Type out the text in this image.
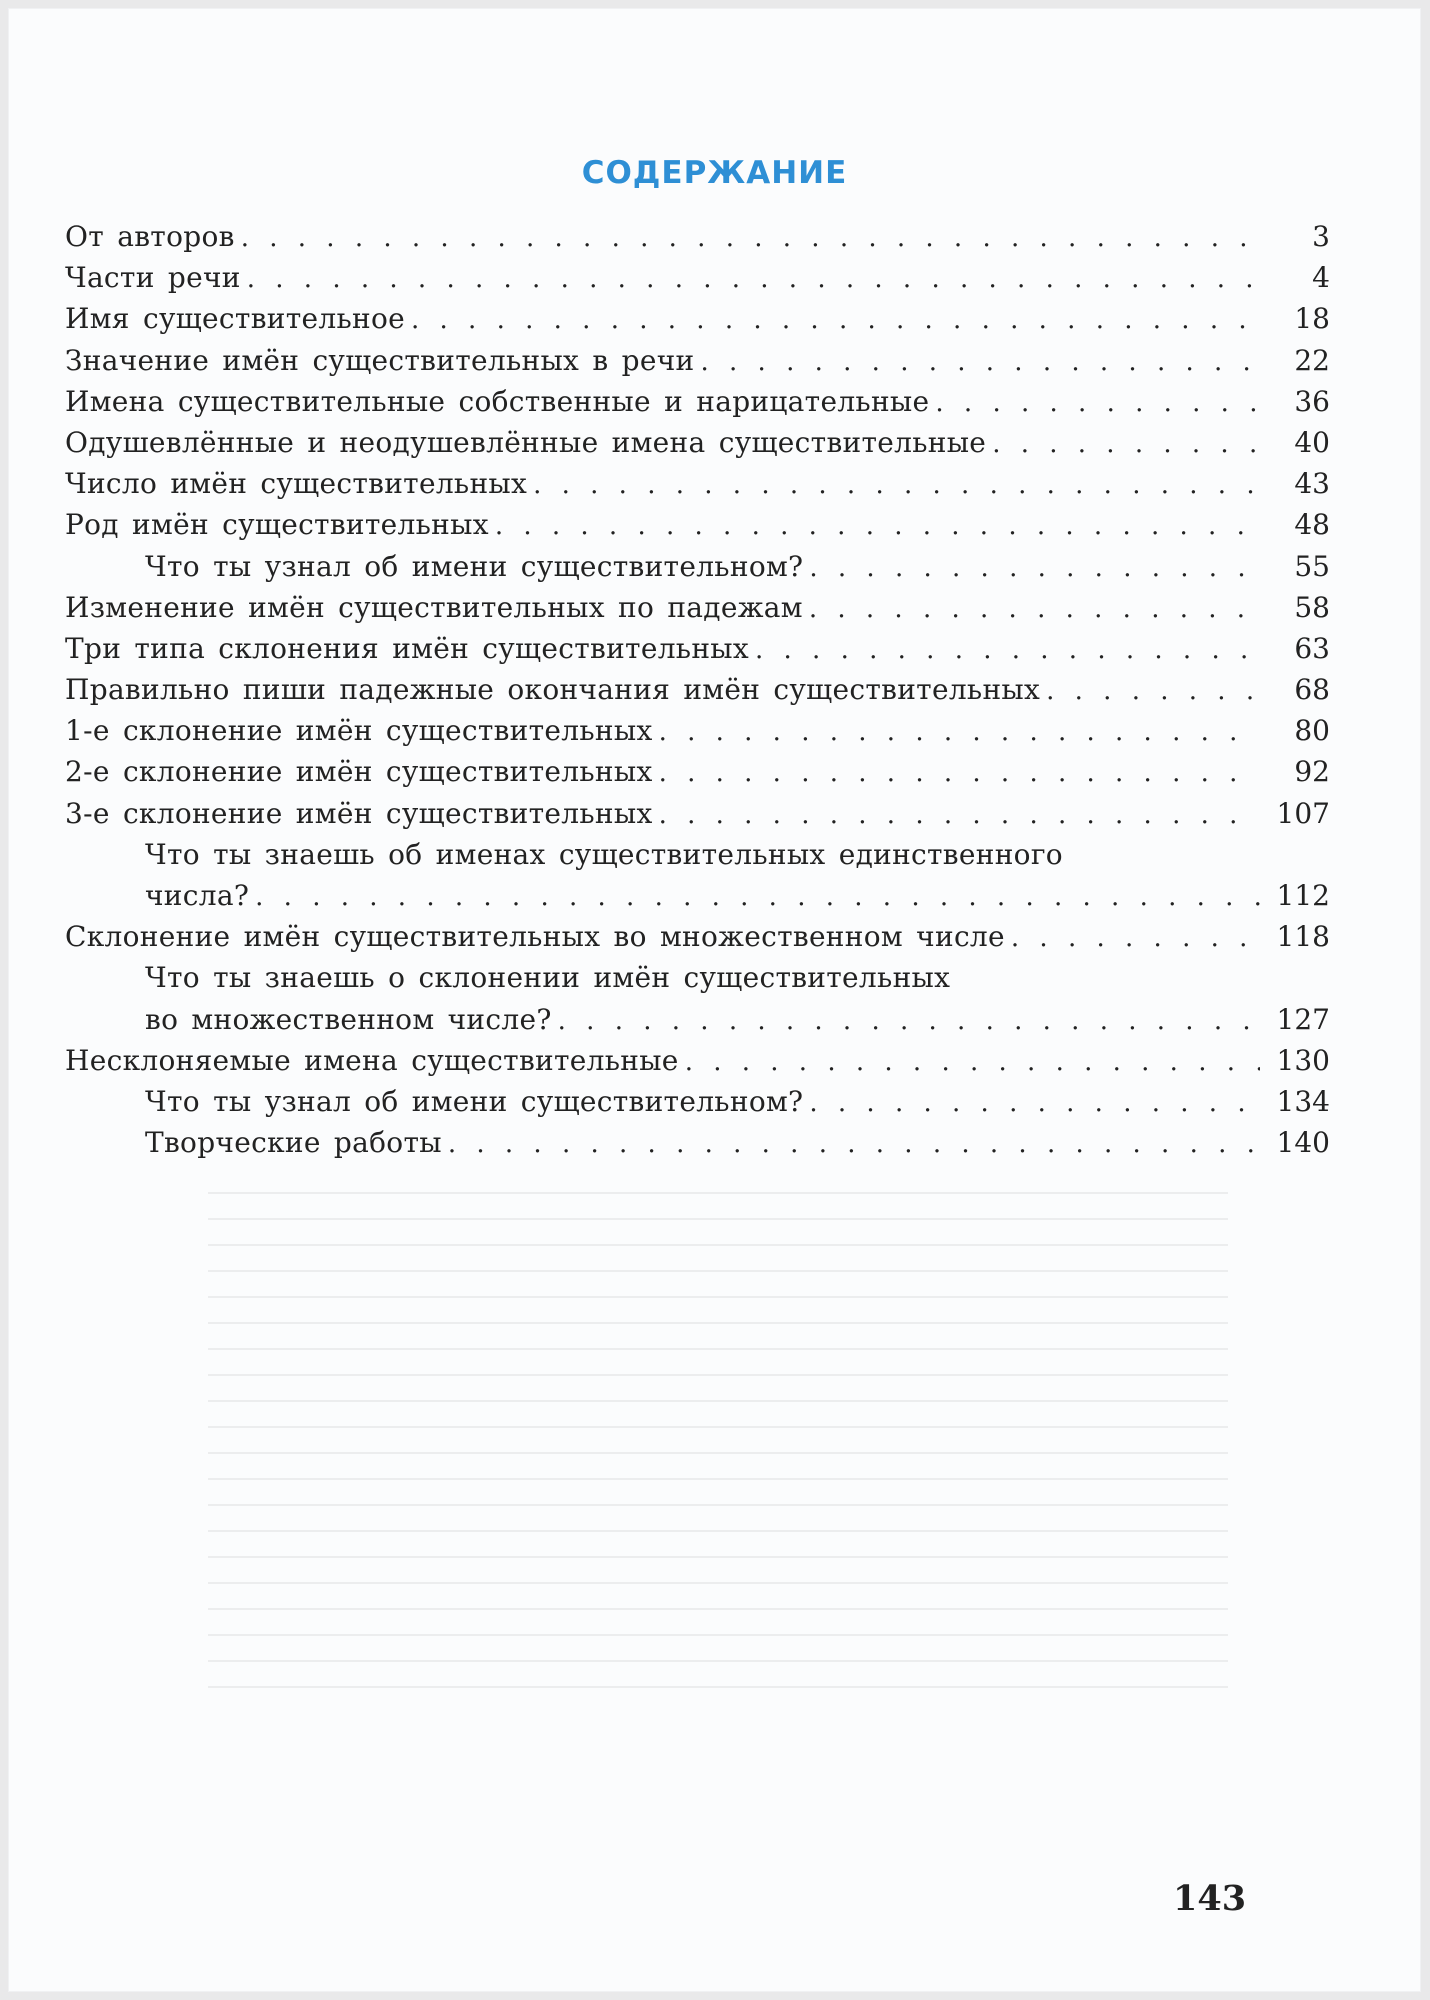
СОДЕРЖАНИЕ
От авторов . . .	3
Части речи . . .	4
Имя существительное . . .	18
Значение имён существительных в речи . . .	22
Имена существительные собственные и нарицательные . . .	36
Одушевлённые и неодушевлённые имена существительные . . .	40
Число имён существительных . . .	43
Род имён существительных . . .	48
Что ты узнал об имени существительном? . . .	55
Изменение имён существительных по падежам . . .	58
Три типа склонения имён существительных . . .	63
Правильно пиши падежные окончания имён существительных . . .	68
1-е склонение имён существительных . . .	80
2-е склонение имён существительных . . .	92
3-е склонение имён существительных . . .	107
Что ты знаешь об именах существительных единственного
числа? . . .	112
Склонение имён существительных во множественном числе . . .	118
Что ты знаешь о склонении имён существительных
во множественном числе? . . .	127
Несклоняемые имена существительные . . .	130
Что ты узнал об имени существительном? . . .	134
Творческие работы . . .	140
143
